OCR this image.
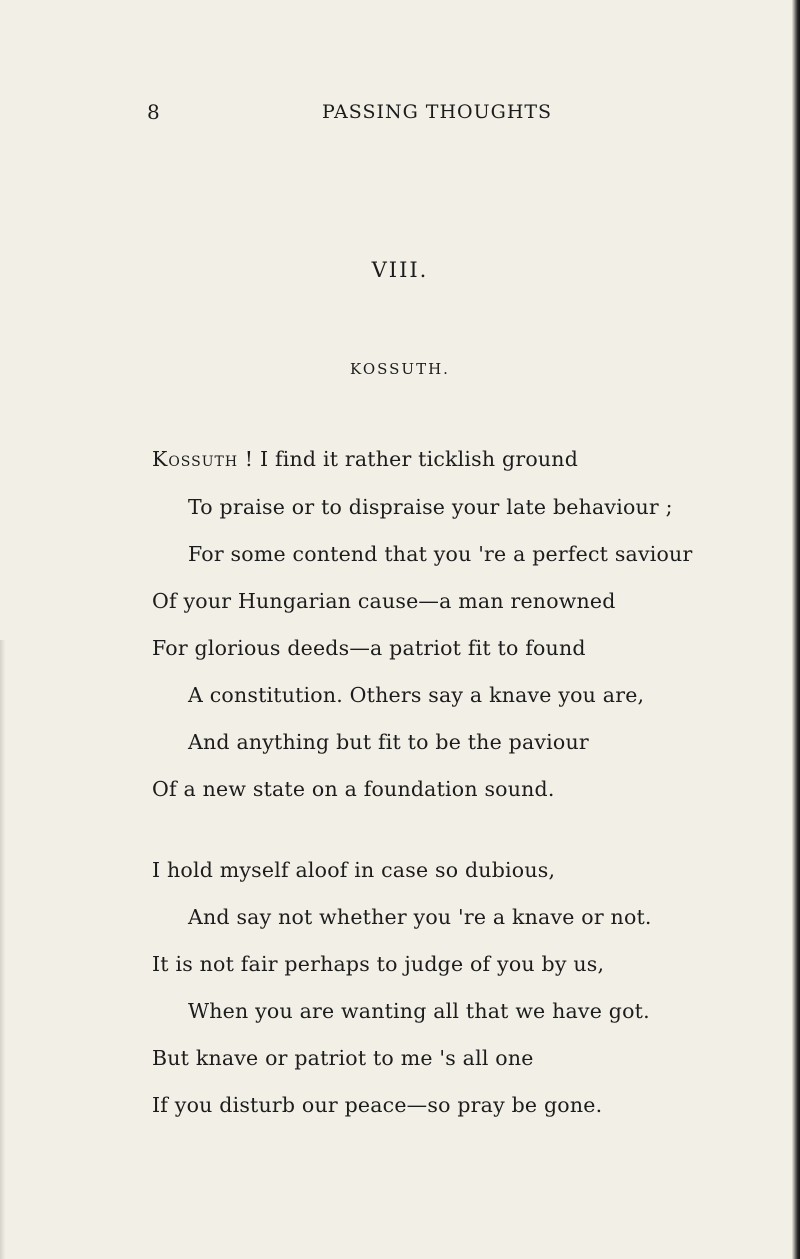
8	PASSING THOUGHTS
VIII.
KOSSUTH.
Kossuth ! I find it rather ticklish ground
To praise or to dispraise your late behaviour ;
For some contend that you 're a perfect saviour
Of your Hungarian cause—a man renowned
For glorious deeds—a patriot fit to found
A constitution. Others say a knave you are,
And anything but fit to be the paviour
Of a new state on a foundation sound.
I hold myself aloof in case so dubious,
And say not whether you 're a knave or not.
It is not fair perhaps to judge of you by us,
When you are wanting all that we have got.
But knave or patriot to me 's all one
If you disturb our peace—so pray be gone.
